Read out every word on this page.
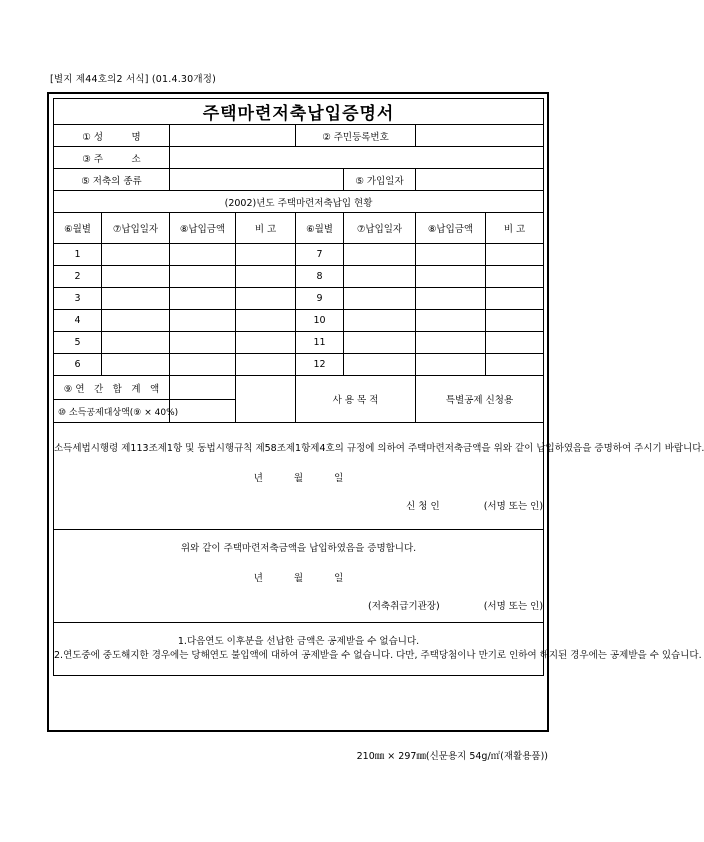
[별지 제44호의2 서식] (01.4.30개정)
주택마련저축납입증명서							
① 성　　　명				② 주민등록번호			
③ 주　　　소							
⑤ 저축의 종류					⑤ 가입일자		
(2002)년도 주택마련저축납입 현황							
⑥월별	⑦납입일자	⑧납입금액	비 고	⑥월별	⑦납입일자	⑧납입금액	비 고
1				7			
2				8			
3				9			
4				10			
5				11			
6				12			
⑨ 연　간　합　계　액				사 용 목 적		특별공제 신청용	
⑩ 소득공제대상액(⑨ × 40%)							

소득세법시행령 제113조제1항 및 동법시행규칙 제58조제1항제4호의 규정에 의하여 주택마련저축금액을 위와 같이 납입하였음을 증명하여 주시기 바랍니다.
년 월 일
신 청 인 (서명 또는 인)							

위와 같이 주택마련저축금액을 납입하였음을 증명합니다.
년 월 일
(저축취급기관장) (서명 또는 인)							

1.다음연도 이후분을 선납한 금액은 공제받을 수 없습니다.
2.연도중에 중도해지한 경우에는 당해연도 불입액에 대하여 공제받을 수 없습니다. 다만, 주택당첨이나 만기로 인하여 해지된 경우에는 공제받을 수 있습니다.							
210㎜ × 297㎜(신문용지 54g/㎡(재활용품))
